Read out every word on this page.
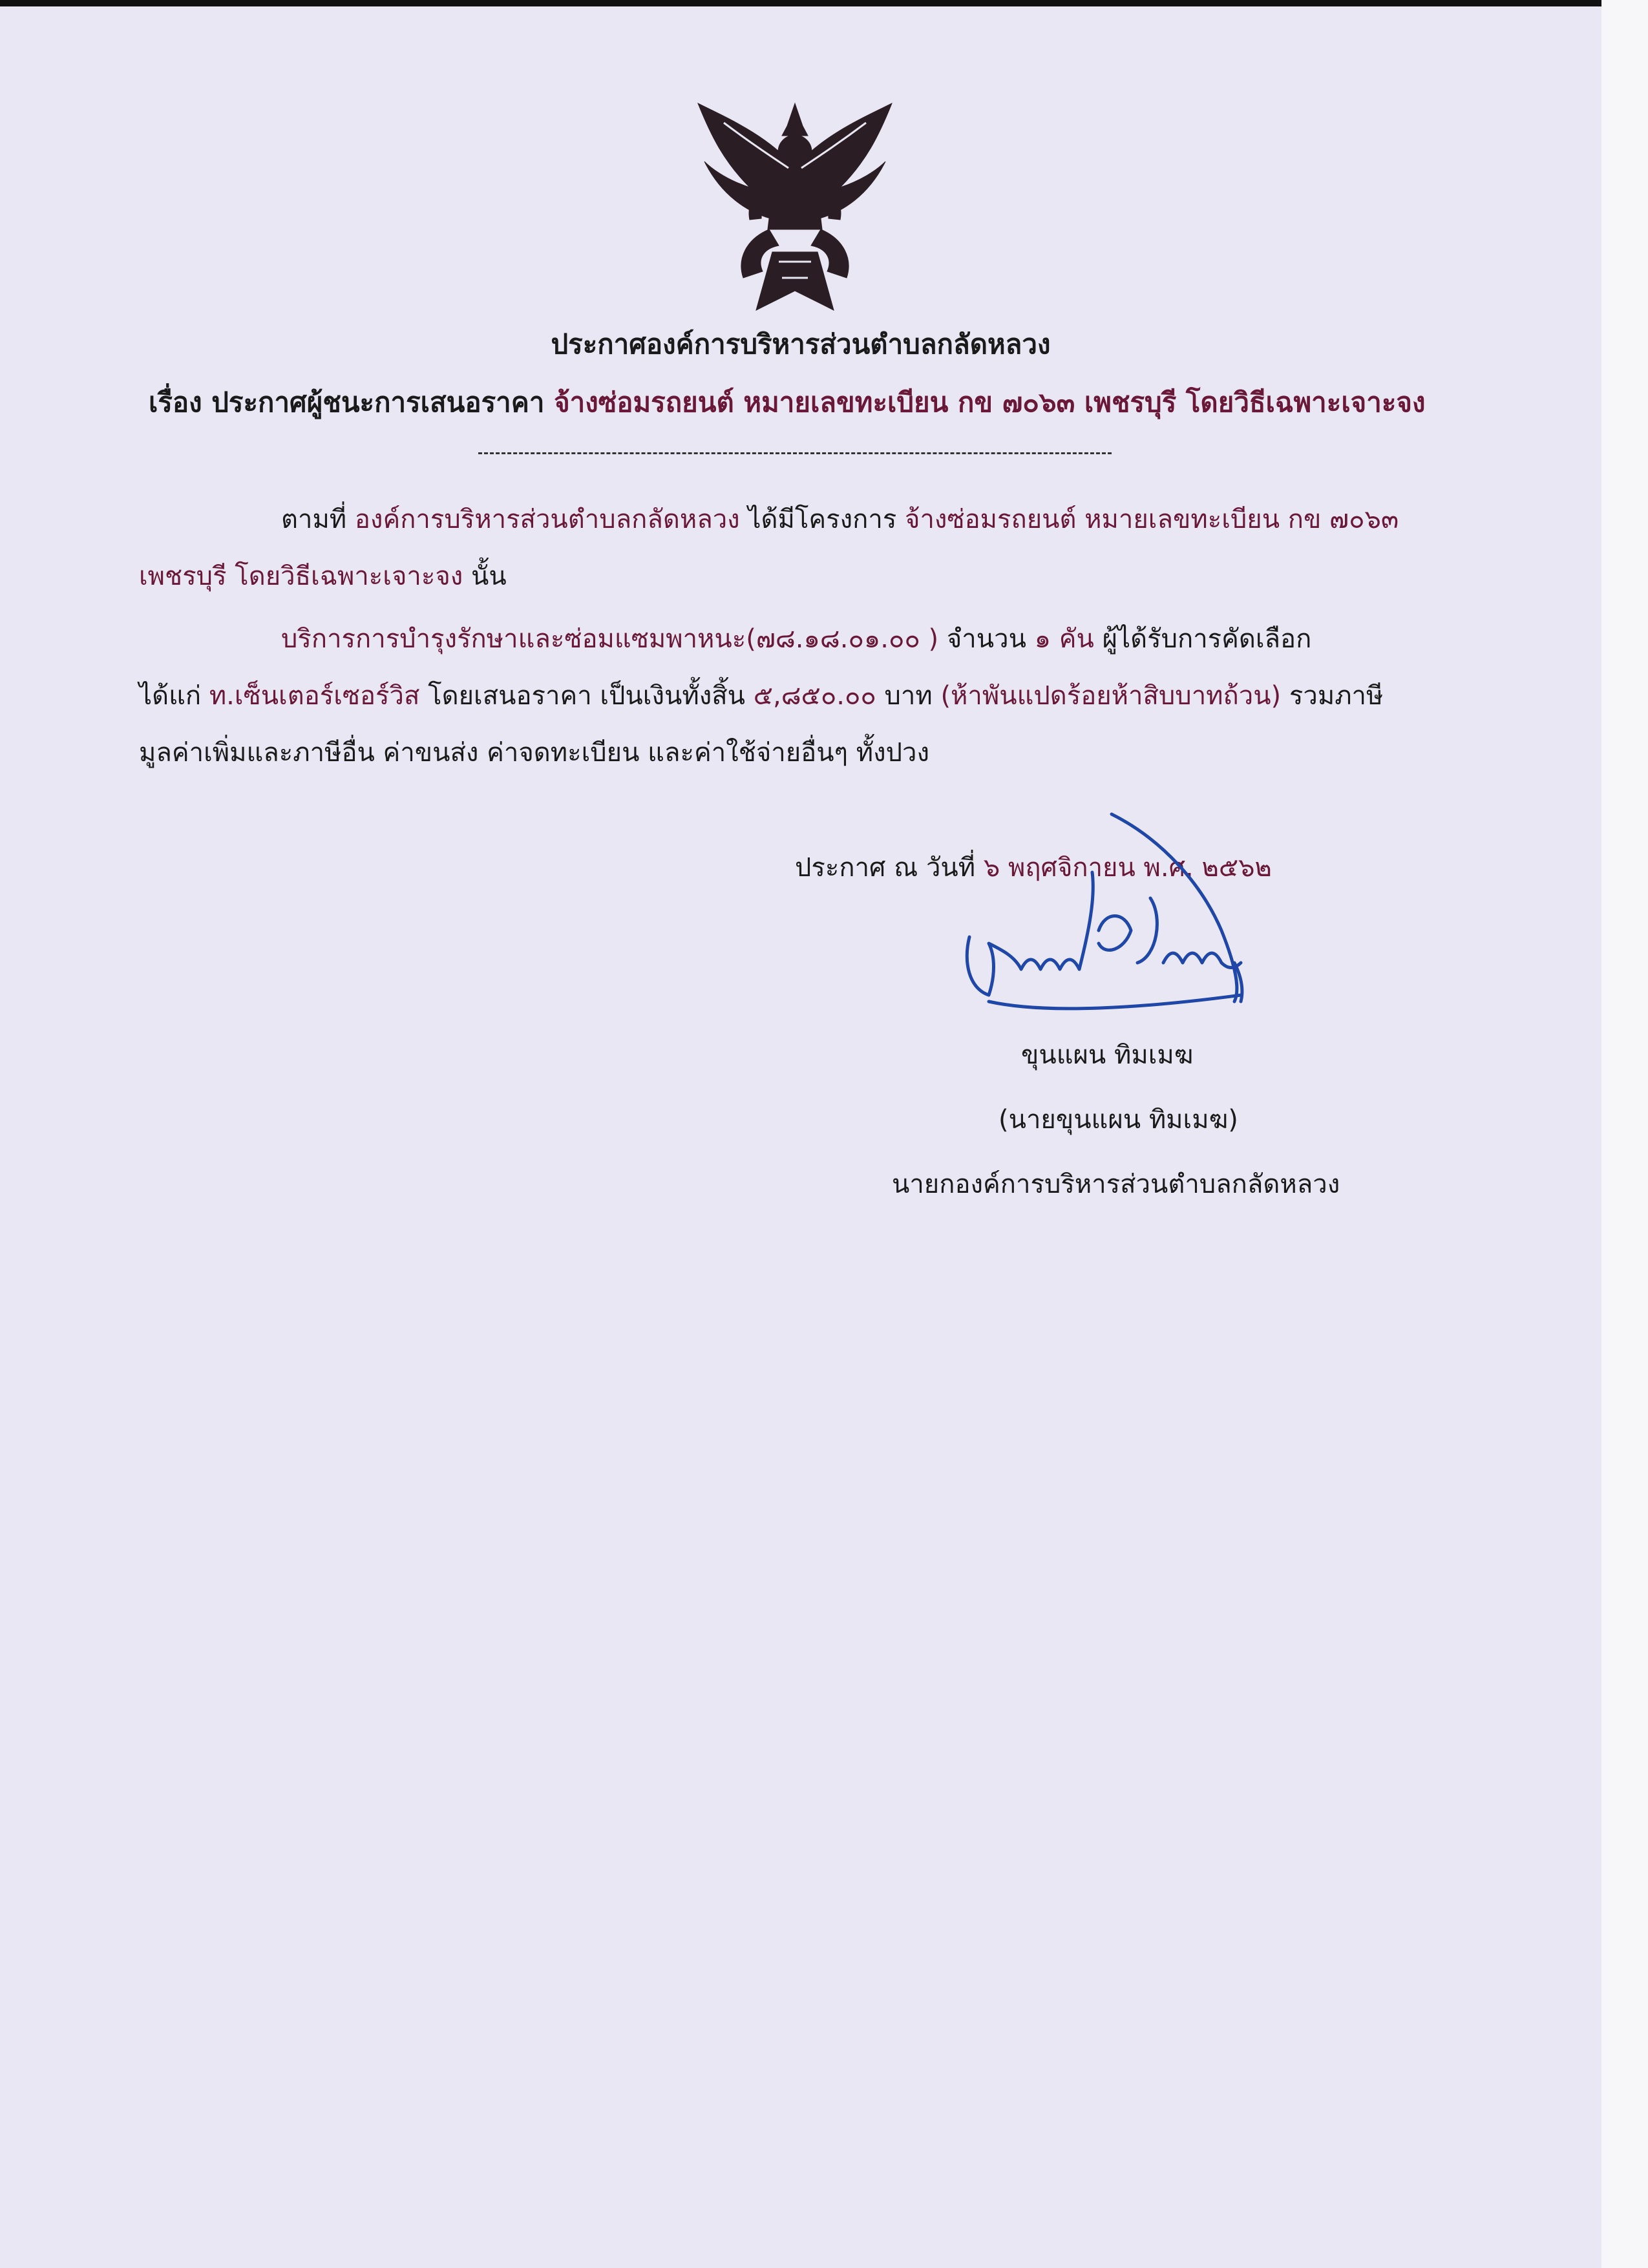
ประกาศองค์การบริหารส่วนตำบลกลัดหลวง
เรื่อง ประกาศผู้ชนะการเสนอราคา จ้างซ่อมรถยนต์ หมายเลขทะเบียน กข ๗๐๖๓ เพชรบุรี โดยวิธีเฉพาะเจาะจง
ตามที่ องค์การบริหารส่วนตำบลกลัดหลวง ได้มีโครงการ จ้างซ่อมรถยนต์ หมายเลขทะเบียน กข ๗๐๖๓
เพชรบุรี โดยวิธีเฉพาะเจาะจง นั้น
บริการการบำรุงรักษาและซ่อมแซมพาหนะ(๗๘.๑๘.๐๑.๐๐ ) จำนวน ๑ คัน ผู้ได้รับการคัดเลือก
ได้แก่ ท.เซ็นเตอร์เซอร์วิส โดยเสนอราคา เป็นเงินทั้งสิ้น ๕,๘๕๐.๐๐ บาท (ห้าพันแปดร้อยห้าสิบบาทถ้วน) รวมภาษี
มูลค่าเพิ่มและภาษีอื่น ค่าขนส่ง ค่าจดทะเบียน และค่าใช้จ่ายอื่นๆ ทั้งปวง
ประกาศ ณ วันที่ ๖ พฤศจิกายน พ.ศ. ๒๕๖๒
ขุนแผน ทิมเมฆ
(นายขุนแผน ทิมเมฆ)
นายกองค์การบริหารส่วนตำบลกลัดหลวง
